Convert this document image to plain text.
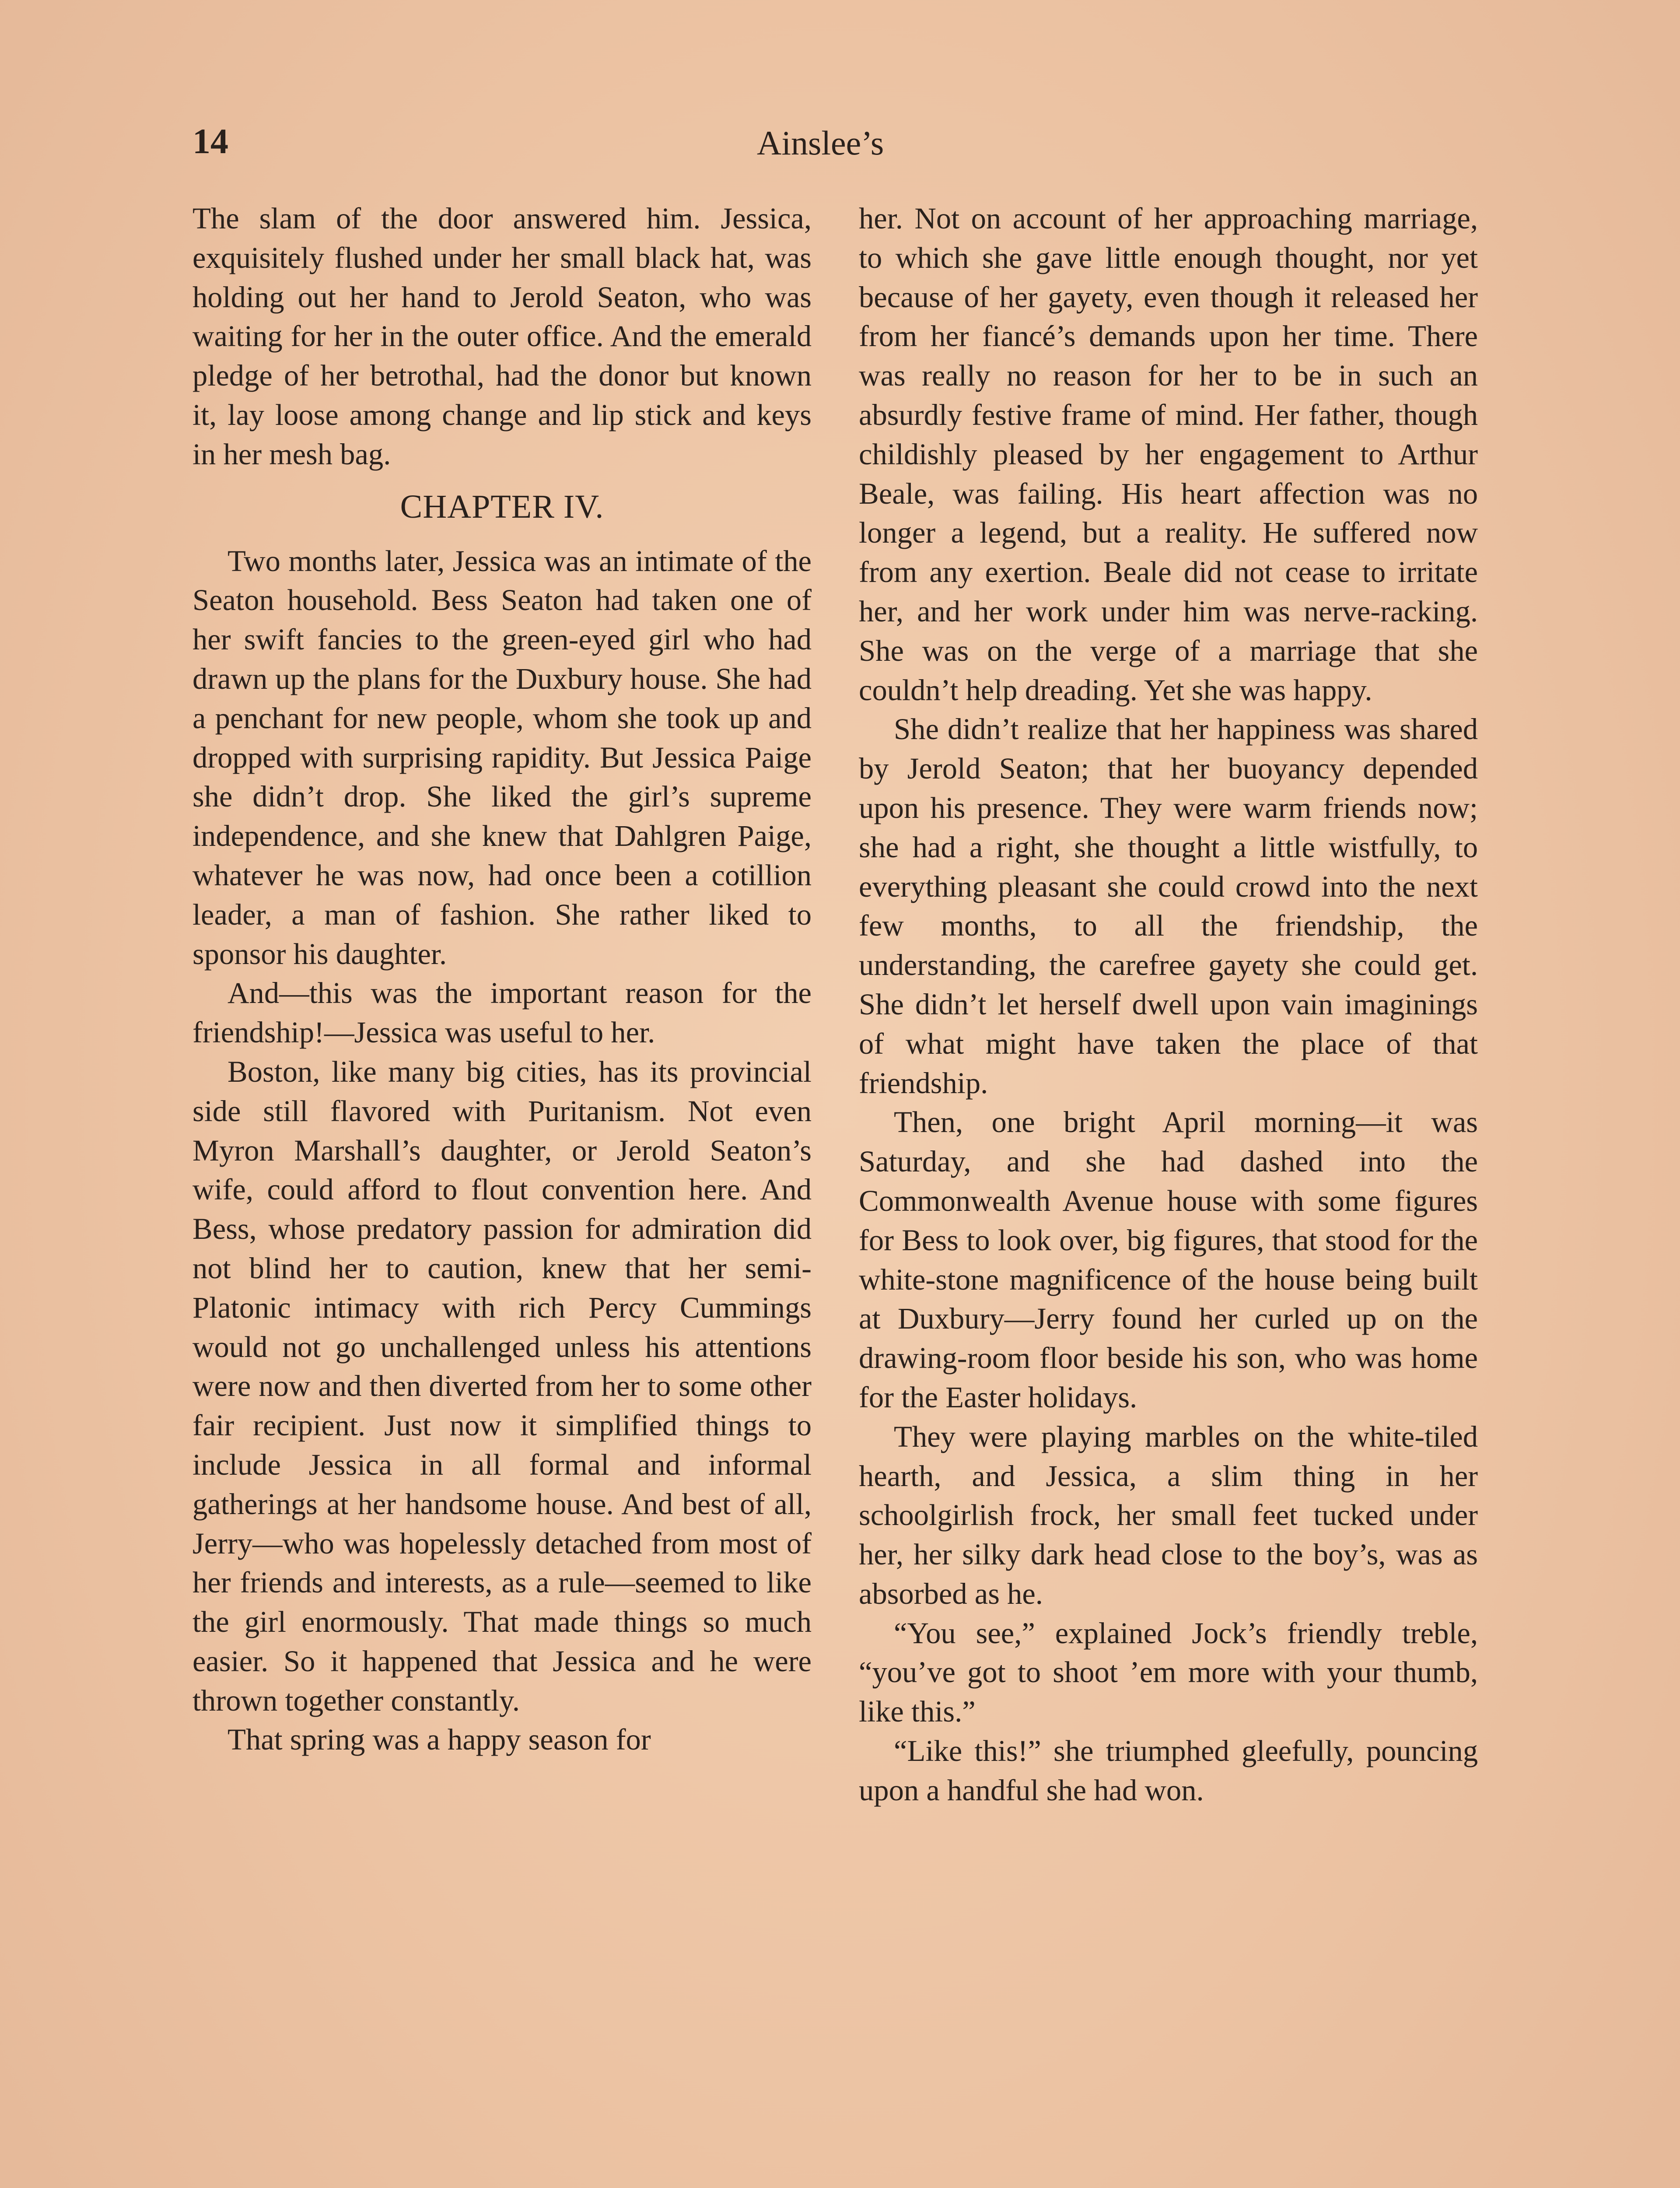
14	Ainslee’s

The slam of the door answered him. Jessica, exquisitely flushed under her small black hat, was holding out her hand to Jerold Seaton, who was waiting for her in the outer office. And the emerald pledge of her betrothal, had the donor but known it, lay loose among change and lip stick and keys in her mesh bag.

CHAPTER IV.

Two months later, Jessica was an intimate of the Seaton household. Bess Seaton had taken one of her swift fancies to the green-eyed girl who had drawn up the plans for the Duxbury house. She had a penchant for new people, whom she took up and dropped with surprising rapidity. But Jessica Paige she didn’t drop. She liked the girl’s supreme independence, and she knew that Dahlgren Paige, whatever he was now, had once been a cotillion leader, a man of fashion. She rather liked to sponsor his daughter.

And—this was the important reason for the friendship!—Jessica was useful to her.

Boston, like many big cities, has its provincial side still flavored with Puritanism. Not even Myron Marshall’s daughter, or Jerold Seaton’s wife, could afford to flout convention here. And Bess, whose predatory passion for admiration did not blind her to caution, knew that her semi-Platonic intimacy with rich Percy Cummings would not go unchallenged unless his attentions were now and then diverted from her to some other fair recipient. Just now it simplified things to include Jessica in all formal and informal gatherings at her handsome house. And best of all, Jerry—who was hopelessly detached from most of her friends and interests, as a rule—seemed to like the girl enormously. That made things so much easier. So it happened that Jessica and he were thrown together constantly.

That spring was a happy season for

her. Not on account of her approaching marriage, to which she gave little enough thought, nor yet because of her gayety, even though it released her from her fiancé’s demands upon her time. There was really no reason for her to be in such an absurdly festive frame of mind. Her father, though childishly pleased by her engagement to Arthur Beale, was failing. His heart affection was no longer a legend, but a reality. He suffered now from any exertion. Beale did not cease to irritate her, and her work under him was nerve-racking. She was on the verge of a marriage that she couldn’t help dreading. Yet she was happy.

She didn’t realize that her happiness was shared by Jerold Seaton; that her buoyancy depended upon his presence. They were warm friends now; she had a right, she thought a little wistfully, to everything pleasant she could crowd into the next few months, to all the friendship, the understanding, the carefree gayety she could get. She didn’t let herself dwell upon vain imaginings of what might have taken the place of that friendship.

Then, one bright April morning—it was Saturday, and she had dashed into the Commonwealth Avenue house with some figures for Bess to look over, big figures, that stood for the white-stone magnificence of the house being built at Duxbury—Jerry found her curled up on the drawing-room floor beside his son, who was home for the Easter holidays.

They were playing marbles on the white-tiled hearth, and Jessica, a slim thing in her schoolgirlish frock, her small feet tucked under her, her silky dark head close to the boy’s, was as absorbed as he.

“You see,” explained Jock’s friendly treble, “you’ve got to shoot ’em more with your thumb, like this.”

“Like this!” she triumphed gleefully, pouncing upon a handful she had won.
